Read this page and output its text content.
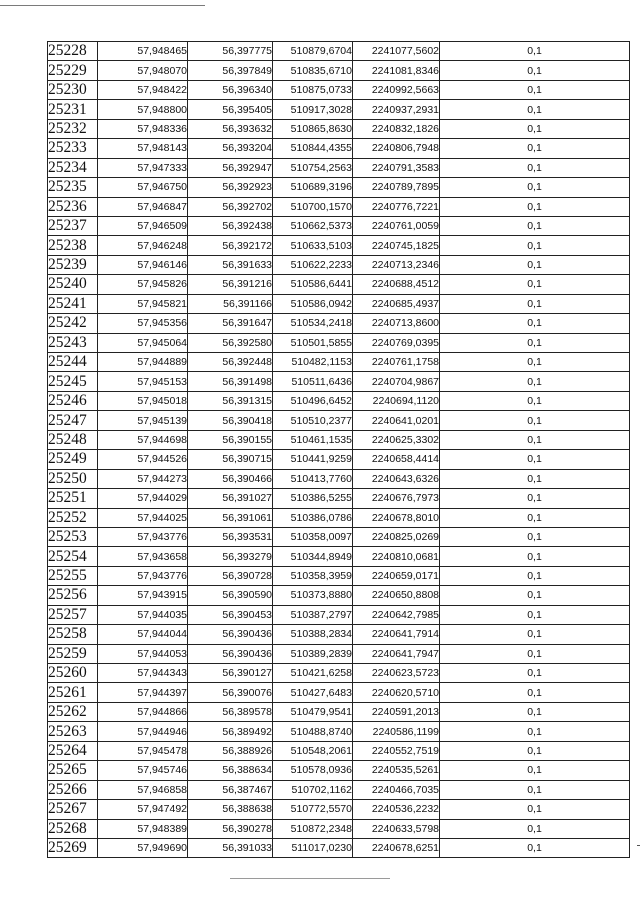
25228	57,948465	56,397775	510879,6704	2241077,5602	0,1
25229	57,948070	56,397849	510835,6710	2241081,8346	0,1
25230	57,948422	56,396340	510875,0733	2240992,5663	0,1
25231	57,948800	56,395405	510917,3028	2240937,2931	0,1
25232	57,948336	56,393632	510865,8630	2240832,1826	0,1
25233	57,948143	56,393204	510844,4355	2240806,7948	0,1
25234	57,947333	56,392947	510754,2563	2240791,3583	0,1
25235	57,946750	56,392923	510689,3196	2240789,7895	0,1
25236	57,946847	56,392702	510700,1570	2240776,7221	0,1
25237	57,946509	56,392438	510662,5373	2240761,0059	0,1
25238	57,946248	56,392172	510633,5103	2240745,1825	0,1
25239	57,946146	56,391633	510622,2233	2240713,2346	0,1
25240	57,945826	56,391216	510586,6441	2240688,4512	0,1
25241	57,945821	56,391166	510586,0942	2240685,4937	0,1
25242	57,945356	56,391647	510534,2418	2240713,8600	0,1
25243	57,945064	56,392580	510501,5855	2240769,0395	0,1
25244	57,944889	56,392448	510482,1153	2240761,1758	0,1
25245	57,945153	56,391498	510511,6436	2240704,9867	0,1
25246	57,945018	56,391315	510496,6452	2240694,1120	0,1
25247	57,945139	56,390418	510510,2377	2240641,0201	0,1
25248	57,944698	56,390155	510461,1535	2240625,3302	0,1
25249	57,944526	56,390715	510441,9259	2240658,4414	0,1
25250	57,944273	56,390466	510413,7760	2240643,6326	0,1
25251	57,944029	56,391027	510386,5255	2240676,7973	0,1
25252	57,944025	56,391061	510386,0786	2240678,8010	0,1
25253	57,943776	56,393531	510358,0097	2240825,0269	0,1
25254	57,943658	56,393279	510344,8949	2240810,0681	0,1
25255	57,943776	56,390728	510358,3959	2240659,0171	0,1
25256	57,943915	56,390590	510373,8880	2240650,8808	0,1
25257	57,944035	56,390453	510387,2797	2240642,7985	0,1
25258	57,944044	56,390436	510388,2834	2240641,7914	0,1
25259	57,944053	56,390436	510389,2839	2240641,7947	0,1
25260	57,944343	56,390127	510421,6258	2240623,5723	0,1
25261	57,944397	56,390076	510427,6483	2240620,5710	0,1
25262	57,944866	56,389578	510479,9541	2240591,2013	0,1
25263	57,944946	56,389492	510488,8740	2240586,1199	0,1
25264	57,945478	56,388926	510548,2061	2240552,7519	0,1
25265	57,945746	56,388634	510578,0936	2240535,5261	0,1
25266	57,946858	56,387467	510702,1162	2240466,7035	0,1
25267	57,947492	56,388638	510772,5570	2240536,2232	0,1
25268	57,948389	56,390278	510872,2348	2240633,5798	0,1
25269	57,949690	56,391033	511017,0230	2240678,6251	0,1
